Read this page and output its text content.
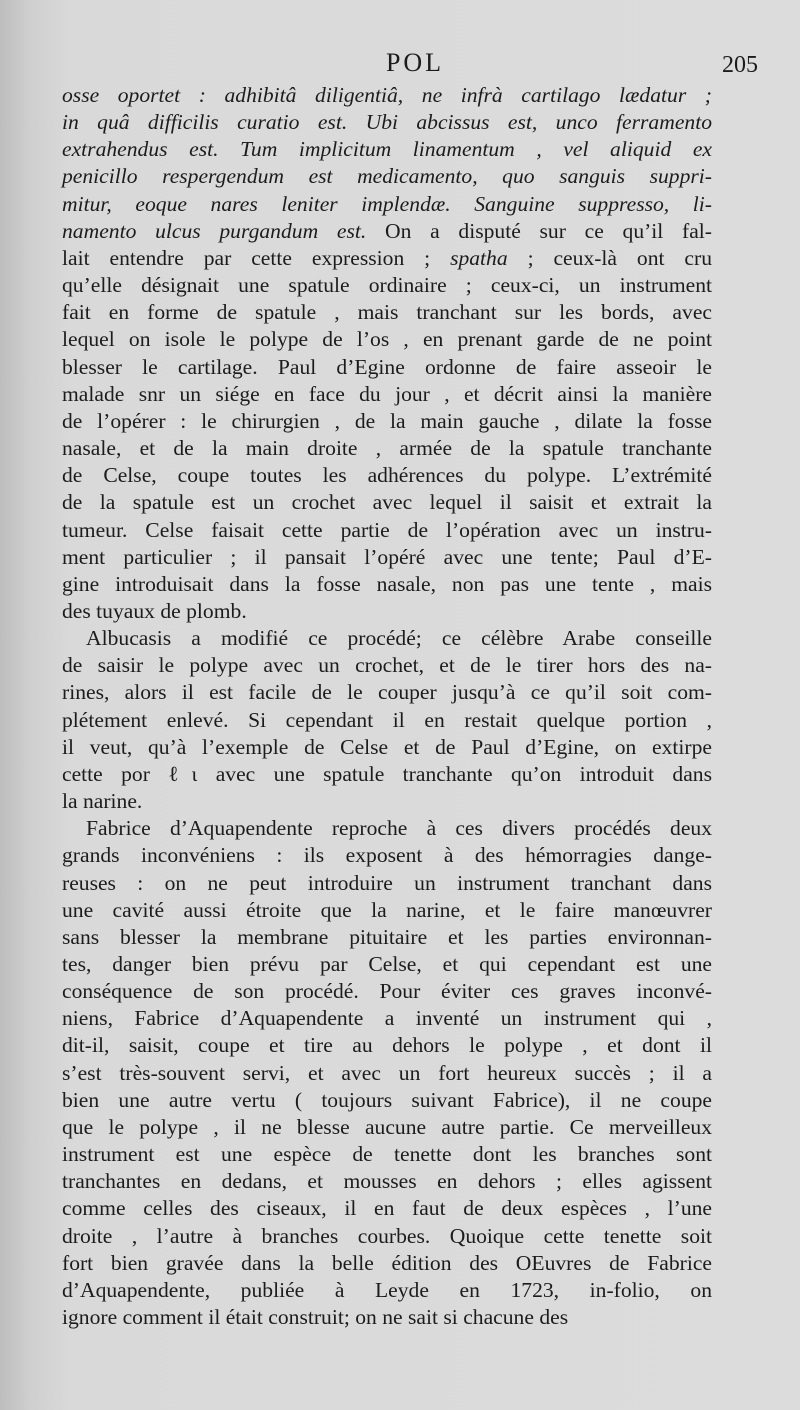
POL	205
osse oportet : adhibitâ diligentiâ, ne infrà cartilago lædatur ;
in quâ difficilis curatio est. Ubi abcissus est, unco ferramento
extrahendus est. Tum implicitum linamentum , vel aliquid ex
penicillo respergendum est medicamento, quo sanguis suppri-
mitur, eoque nares leniter implendæ. Sanguine suppresso, li-
namento ulcus purgandum est. On a disputé sur ce qu’il fal-
lait entendre par cette expression ; spatha ; ceux-là ont cru
qu’elle désignait une spatule ordinaire ; ceux-ci, un instrument
fait en forme de spatule , mais tranchant sur les bords, avec
lequel on isole le polype de l’os , en prenant garde de ne point
blesser le cartilage. Paul d’Egine ordonne de faire asseoir le
malade snr un siége en face du jour , et décrit ainsi la manière
de l’opérer : le chirurgien , de la main gauche , dilate la fosse
nasale, et de la main droite , armée de la spatule tranchante
de Celse, coupe toutes les adhérences du polype. L’extrémité
de la spatule est un crochet avec lequel il saisit et extrait la
tumeur. Celse faisait cette partie de l’opération avec un instru-
ment particulier ; il pansait l’opéré avec une tente; Paul d’E-
gine introduisait dans la fosse nasale, non pas une tente , mais
des tuyaux de plomb.
Albucasis a modifié ce procédé; ce célèbre Arabe conseille
de saisir le polype avec un crochet, et de le tirer hors des na-
rines, alors il est facile de le couper jusqu’à ce qu’il soit com-
plétement enlevé. Si cependant il en restait quelque portion ,
il veut, qu’à l’exemple de Celse et de Paul d’Egine, on extirpe
cette por ℓι avec une spatule tranchante qu’on introduit dans
la narine.
Fabrice d’Aquapendente reproche à ces divers procédés deux
grands inconvéniens : ils exposent à des hémorragies dange-
reuses : on ne peut introduire un instrument tranchant dans
une cavité aussi étroite que la narine, et le faire manœuvrer
sans blesser la membrane pituitaire et les parties environnan-
tes, danger bien prévu par Celse, et qui cependant est une
conséquence de son procédé. Pour éviter ces graves inconvé-
niens, Fabrice d’Aquapendente a inventé un instrument qui ,
dit-il, saisit, coupe et tire au dehors le polype , et dont il
s’est très-souvent servi, et avec un fort heureux succès ; il a
bien une autre vertu ( toujours suivant Fabrice), il ne coupe
que le polype , il ne blesse aucune autre partie. Ce merveilleux
instrument est une espèce de tenette dont les branches sont
tranchantes en dedans, et mousses en dehors ; elles agissent
comme celles des ciseaux, il en faut de deux espèces , l’une
droite , l’autre à branches courbes. Quoique cette tenette soit
fort bien gravée dans la belle édition des OEuvres de Fabrice
d’Aquapendente, publiée à Leyde en 1723, in-folio, on
ignore comment il était construit; on ne sait si chacune des
